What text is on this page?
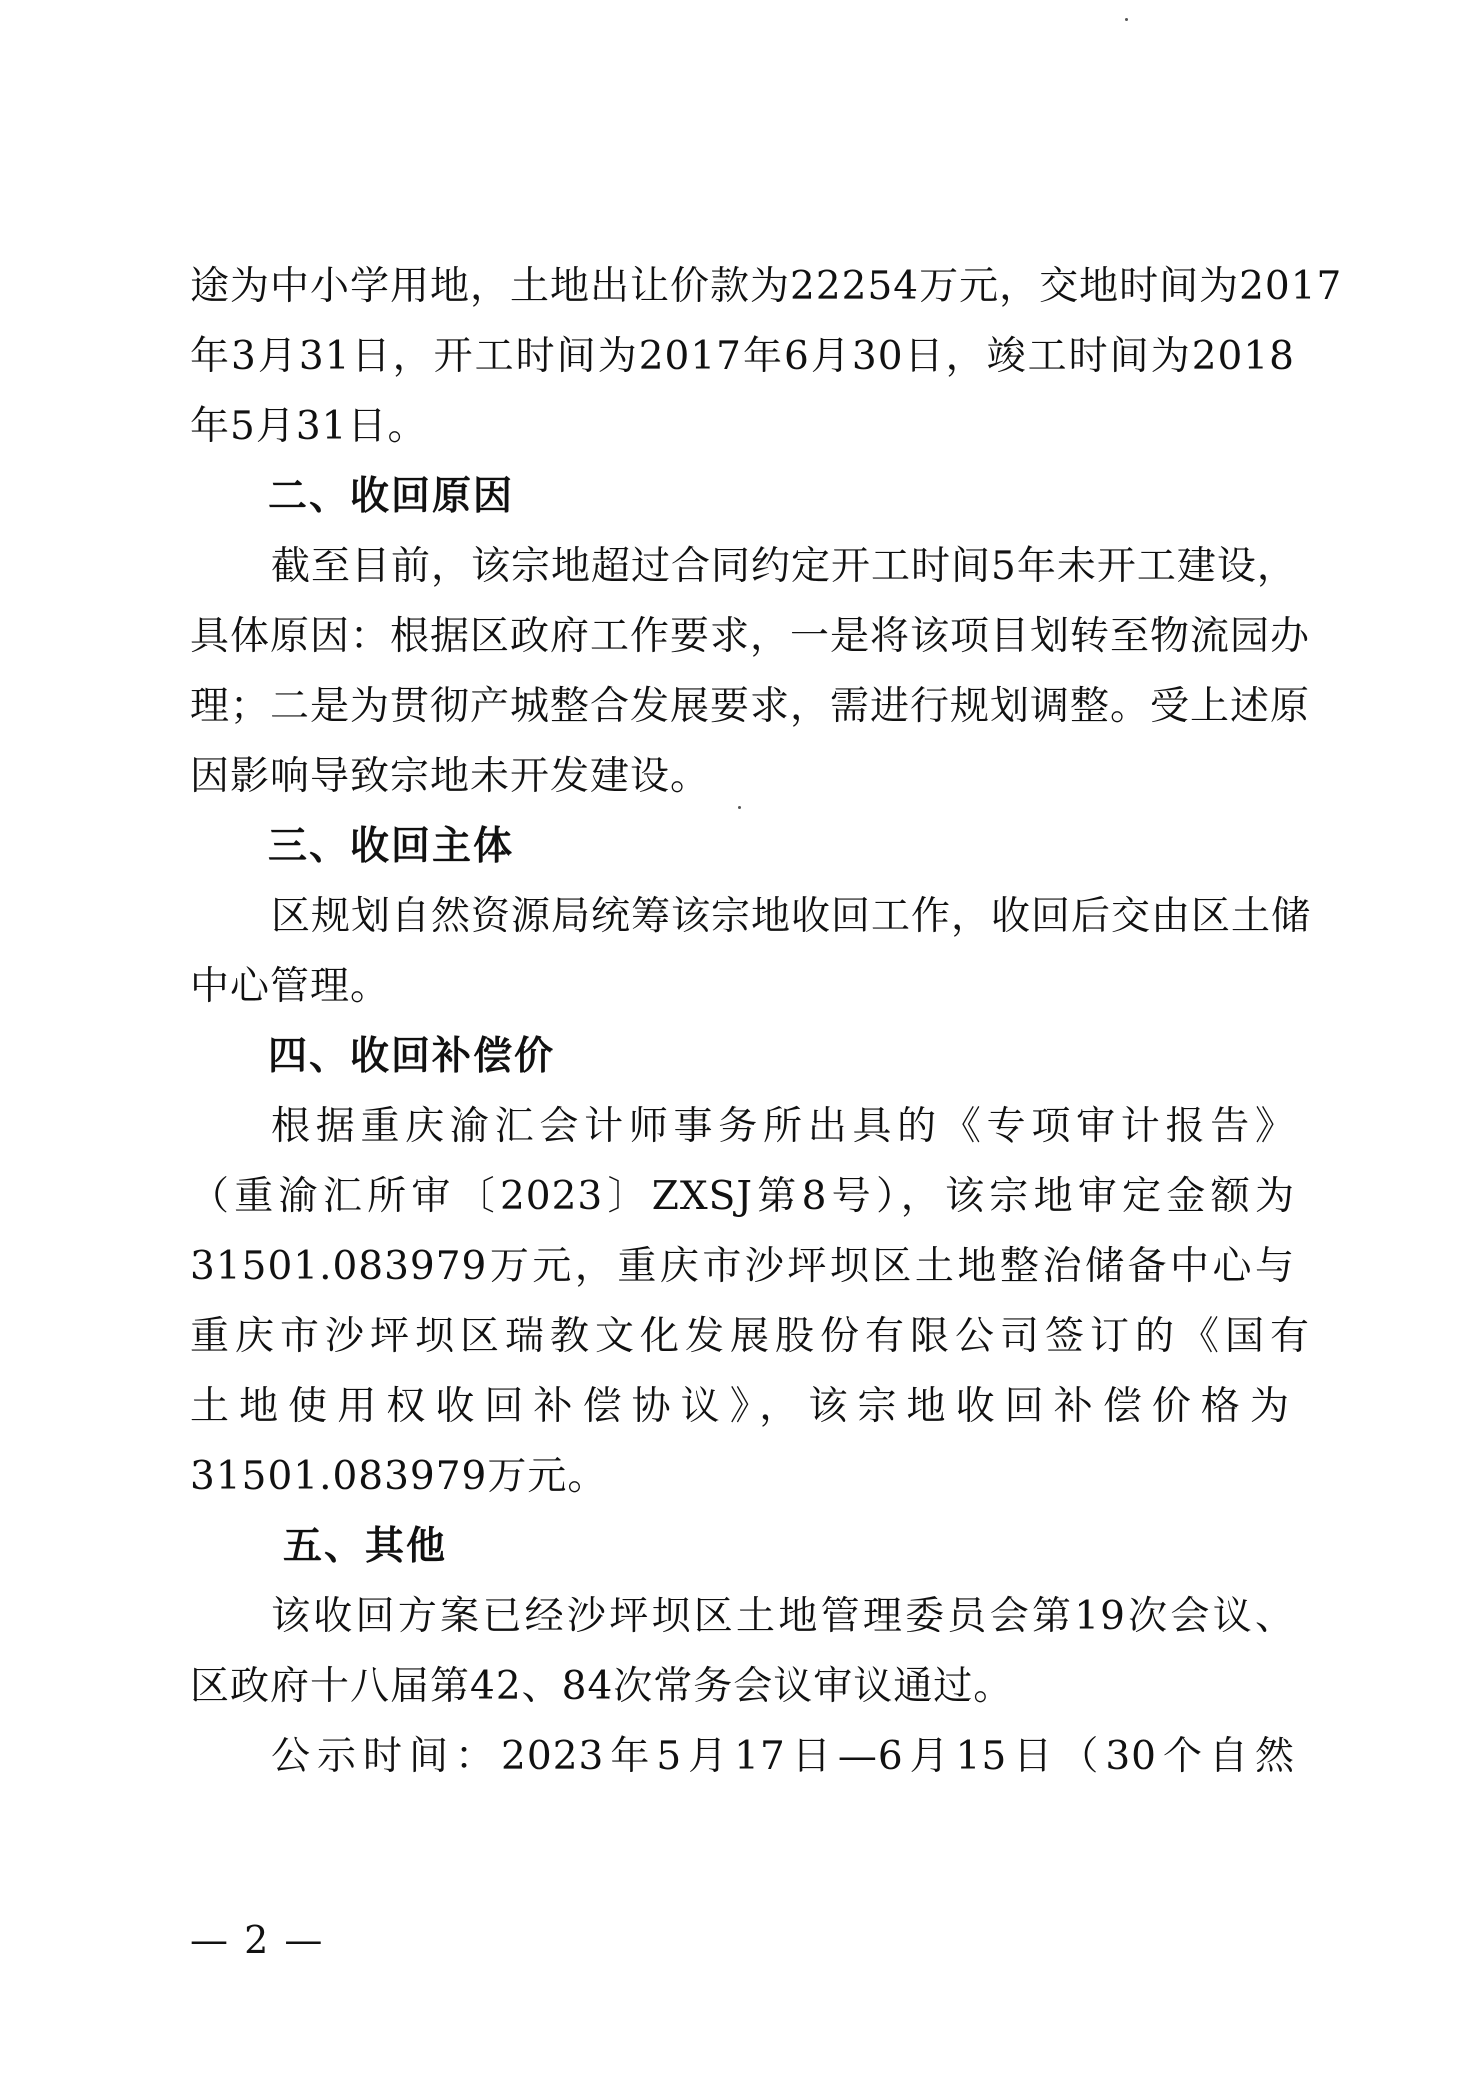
途为中小学用地，土地出让价款为22254万元，交地时间为2017
年3月31日，开工时间为2017年6月30日，竣工时间为2018
年5月31日。
二、收回原因
截至目前，该宗地超过合同约定开工时间5年未开工建设，
具体原因：根据区政府工作要求，一是将该项目划转至物流园办
理；二是为贯彻产城整合发展要求，需进行规划调整。受上述原
因影响导致宗地未开发建设。
三、收回主体
区规划自然资源局统筹该宗地收回工作，收回后交由区土储
中心管理。
四、收回补偿价
根据重庆渝汇会计师事务所出具的《专项审计报告》
（重渝汇所审〔2023〕ZXSJ第8号），该宗地审定金额为
31501.083979万元，重庆市沙坪坝区土地整治储备中心与
重庆市沙坪坝区瑞教文化发展股份有限公司签订的《国有
土地使用权收回补偿协议》，该宗地收回补偿价格为
31501.083979万元。
五、其他
该收回方案已经沙坪坝区土地管理委员会第19次会议、
区政府十八届第42、84次常务会议审议通过。
公示时间：2023年5月17日—6月15日（30个自然
— 2 —
